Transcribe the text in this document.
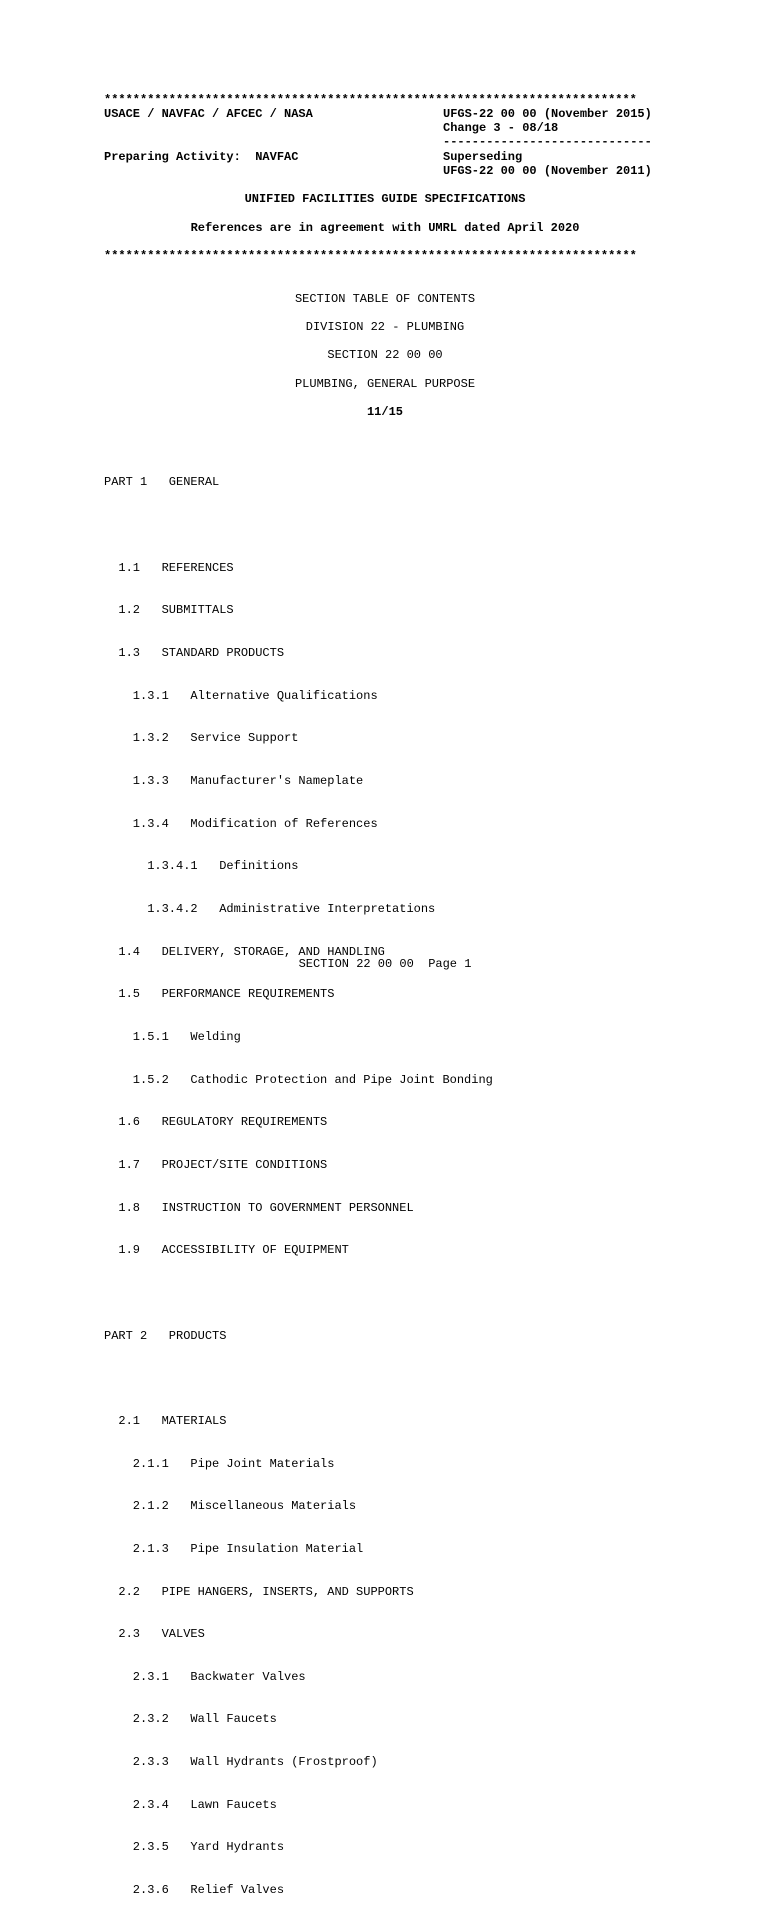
**************************************************************************
USACE / NAVFAC / AFCEC / NASA	UFGS-22 00 00 (November 2015)
Change 3 - 08/18
-----------------------------
Preparing Activity:  NAVFAC	Superseding
UFGS-22 00 00 (November 2011)
UNIFIED FACILITIES GUIDE SPECIFICATIONS
References are in agreement with UMRL dated April 2020
**************************************************************************
SECTION TABLE OF CONTENTS
DIVISION 22 - PLUMBING
SECTION 22 00 00
PLUMBING, GENERAL PURPOSE
11/15

PART 1   GENERAL

1.1   REFERENCES

1.2   SUBMITTALS

1.3   STANDARD PRODUCTS

1.3.1   Alternative Qualifications

1.3.2   Service Support

1.3.3   Manufacturer's Nameplate

1.3.4   Modification of References

1.3.4.1   Definitions

1.3.4.2   Administrative Interpretations

1.4   DELIVERY, STORAGE, AND HANDLING

1.5   PERFORMANCE REQUIREMENTS

1.5.1   Welding

1.5.2   Cathodic Protection and Pipe Joint Bonding

1.6   REGULATORY REQUIREMENTS

1.7   PROJECT/SITE CONDITIONS

1.8   INSTRUCTION TO GOVERNMENT PERSONNEL

1.9   ACCESSIBILITY OF EQUIPMENT

PART 2   PRODUCTS

2.1   MATERIALS

2.1.1   Pipe Joint Materials

2.1.2   Miscellaneous Materials

2.1.3   Pipe Insulation Material

2.2   PIPE HANGERS, INSERTS, AND SUPPORTS

2.3   VALVES

2.3.1   Backwater Valves

2.3.2   Wall Faucets

2.3.3   Wall Hydrants (Frostproof)

2.3.4   Lawn Faucets

2.3.5   Yard Hydrants

2.3.6   Relief Valves

SECTION 22 00 00  Page 1
